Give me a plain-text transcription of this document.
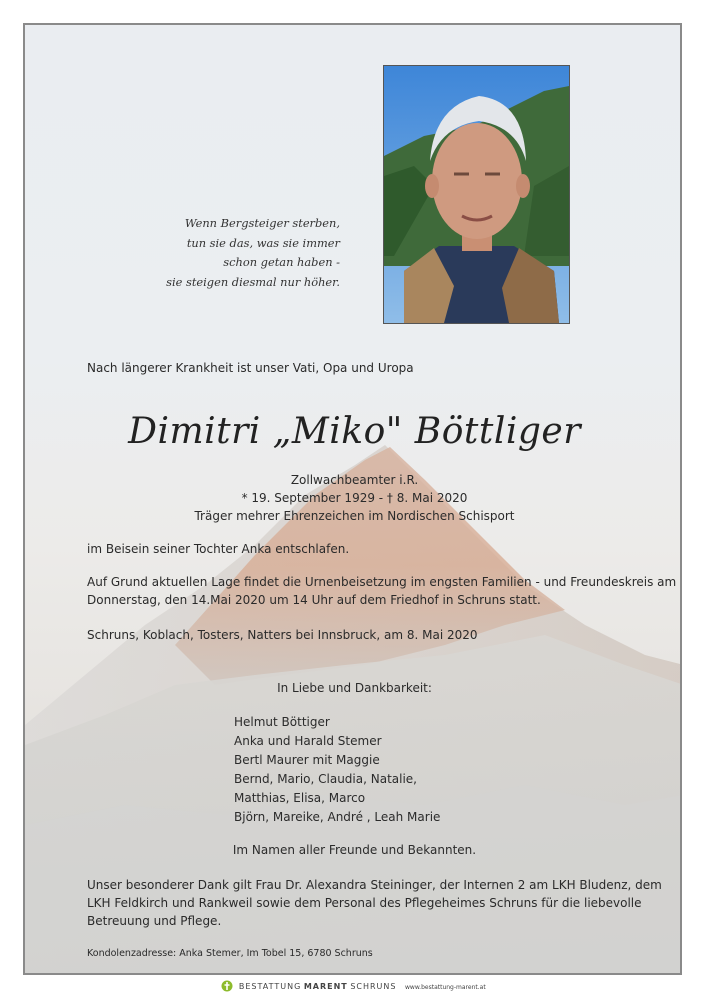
Wenn Bergsteiger sterben,
tun sie das, was sie immer
schon getan haben -
sie steigen diesmal nur höher.
Nach längerer Krankheit ist unser Vati, Opa und Uropa
Dimitri „Miko" Böttliger
Zollwachbeamter i.R.
* 19. September 1929 - † 8. Mai 2020
Träger mehrer Ehrenzeichen im Nordischen Schisport
im Beisein seiner Tochter Anka entschlafen.
Auf Grund aktuellen Lage findet die Urnenbeisetzung im engsten Familien - und Freundeskreis am Donnerstag, den 14.Mai 2020 um 14 Uhr auf dem Friedhof in Schruns statt.
Schruns, Koblach, Tosters, Natters bei Innsbruck, am 8. Mai 2020
In Liebe und Dankbarkeit:
Helmut Böttiger
Anka und Harald Stemer
Bertl Maurer mit Maggie
Bernd, Mario, Claudia, Natalie,
Matthias, Elisa, Marco
Björn, Mareike, André , Leah Marie
Im Namen aller Freunde und Bekannten.
Unser besonderer Dank gilt Frau Dr. Alexandra Steininger, der Internen 2 am LKH Bludenz, dem LKH Feldkirch und Rankweil sowie dem Personal des Pflegeheimes Schruns für die liebevolle Betreuung und Pflege.
Kondolenzadresse: Anka Stemer, Im Tobel 15, 6780 Schruns
BESTATTUNG MARENT SCHRUNS www.bestattung-marent.at
